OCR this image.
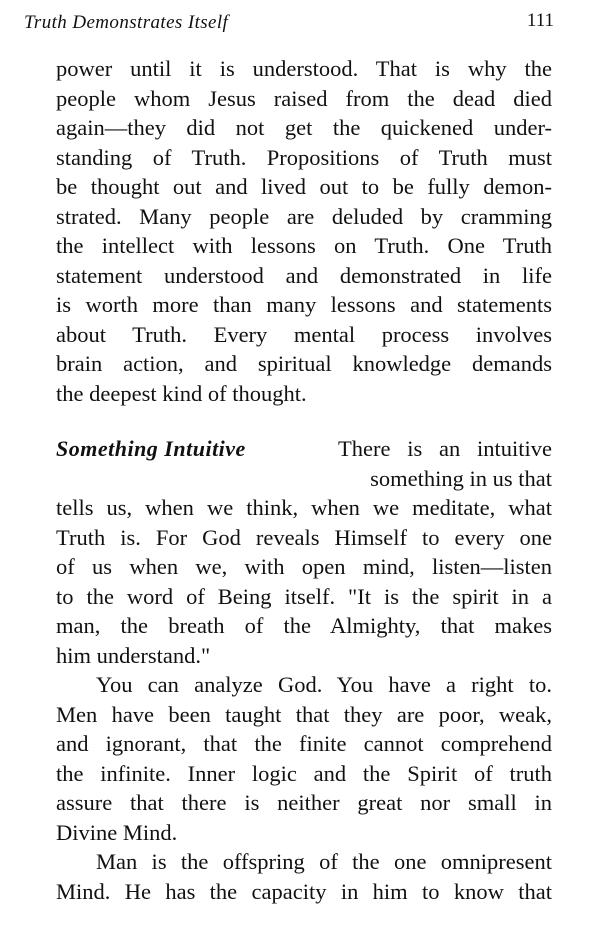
Truth Demonstrates Itself	111
power until it is understood. That is why the
people whom Jesus raised from the dead died
again—they did not get the quickened under-
standing of Truth. Propositions of Truth must
be thought out and lived out to be fully demon-
strated. Many people are deluded by cramming
the intellect with lessons on Truth. One Truth
statement understood and demonstrated in life
is worth more than many lessons and statements
about Truth. Every mental process involves
brain action, and spiritual knowledge demands
the deepest kind of thought.
Something Intuitive	There is an intuitive
something in us that
tells us, when we think, when we meditate, what
Truth is. For God reveals Himself to every one
of us when we, with open mind, listen—listen
to the word of Being itself. "It is the spirit in a
man, the breath of the Almighty, that makes
him understand."
You can analyze God. You have a right to.
Men have been taught that they are poor, weak,
and ignorant, that the finite cannot comprehend
the infinite. Inner logic and the Spirit of truth
assure that there is neither great nor small in
Divine Mind.
Man is the offspring of the one omnipresent
Mind. He has the capacity in him to know that
